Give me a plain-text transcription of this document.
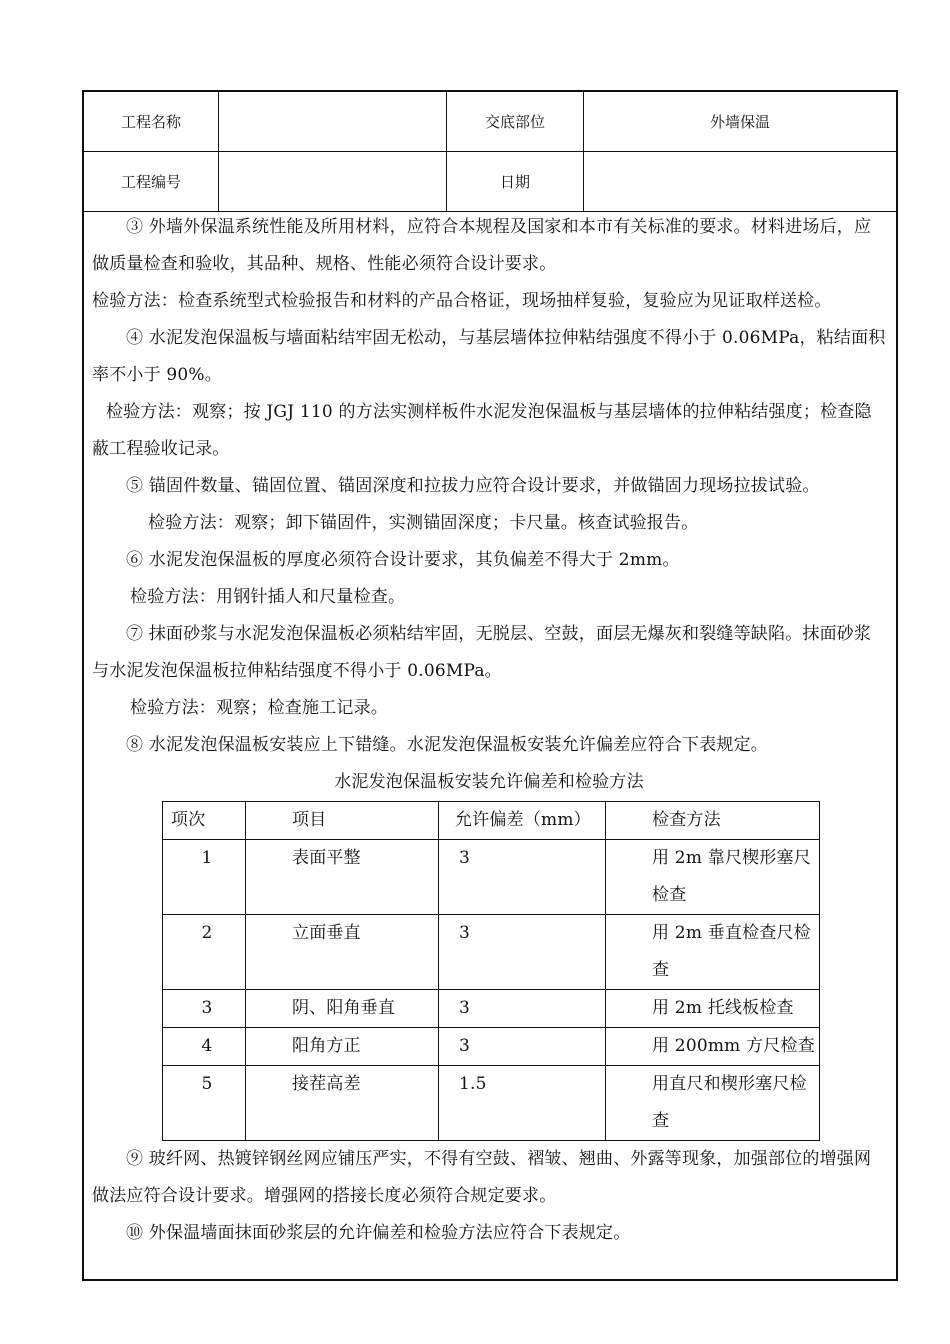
工程名称		交底部位	外墙保温
工程编号		日期	

③ 外墙外保温系统性能及所用材料，应符合本规程及国家和本市有关标准的要求。材料进场后，应做质量检查和验收，其品种、规格、性能必须符合设计要求。

检验方法：检查系统型式检验报告和材料的产品合格证，现场抽样复验，复验应为见证取样送检。

④ 水泥发泡保温板与墙面粘结牢固无松动，与基层墙体拉伸粘结强度不得小于 0.06MPa，粘结面积率不小于 90%。

检验方法：观察；按 JGJ 110 的方法实测样板件水泥发泡保温板与基层墙体的拉伸粘结强度；检查隐蔽工程验收记录。

⑤ 锚固件数量、锚固位置、锚固深度和拉拔力应符合设计要求，并做锚固力现场拉拔试验。

检验方法：观察；卸下锚固件，实测锚固深度；卡尺量。核查试验报告。

⑥ 水泥发泡保温板的厚度必须符合设计要求，其负偏差不得大于 2mm。

检验方法：用钢针插人和尺量检查。

⑦ 抹面砂浆与水泥发泡保温板必须粘结牢固，无脱层、空鼓，面层无爆灰和裂缝等缺陷。抹面砂浆与水泥发泡保温板拉伸粘结强度不得小于 0.06MPa。

检验方法：观察；检查施工记录。

⑧ 水泥发泡保温板安装应上下错缝。水泥发泡保温板安装允许偏差应符合下表规定。

水泥发泡保温板安装允许偏差和检验方法

项次	项目	允许偏差（mm）	检查方法
1	表面平整	3	用 2m 靠尺楔形塞尺检查
2	立面垂直	3	用 2m 垂直检查尺检查
3	阴、阳角垂直	3	用 2m 托线板检查
4	阳角方正	3	用 200mm 方尺检查
5	接茬高差	1.5	用直尺和楔形塞尺检查

⑨ 玻纤网、热镀锌钢丝网应铺压严实，不得有空鼓、褶皱、翘曲、外露等现象，加强部位的增强网做法应符合设计要求。增强网的搭接长度必须符合规定要求。

⑩ 外保温墙面抹面砂浆层的允许偏差和检验方法应符合下表规定。
